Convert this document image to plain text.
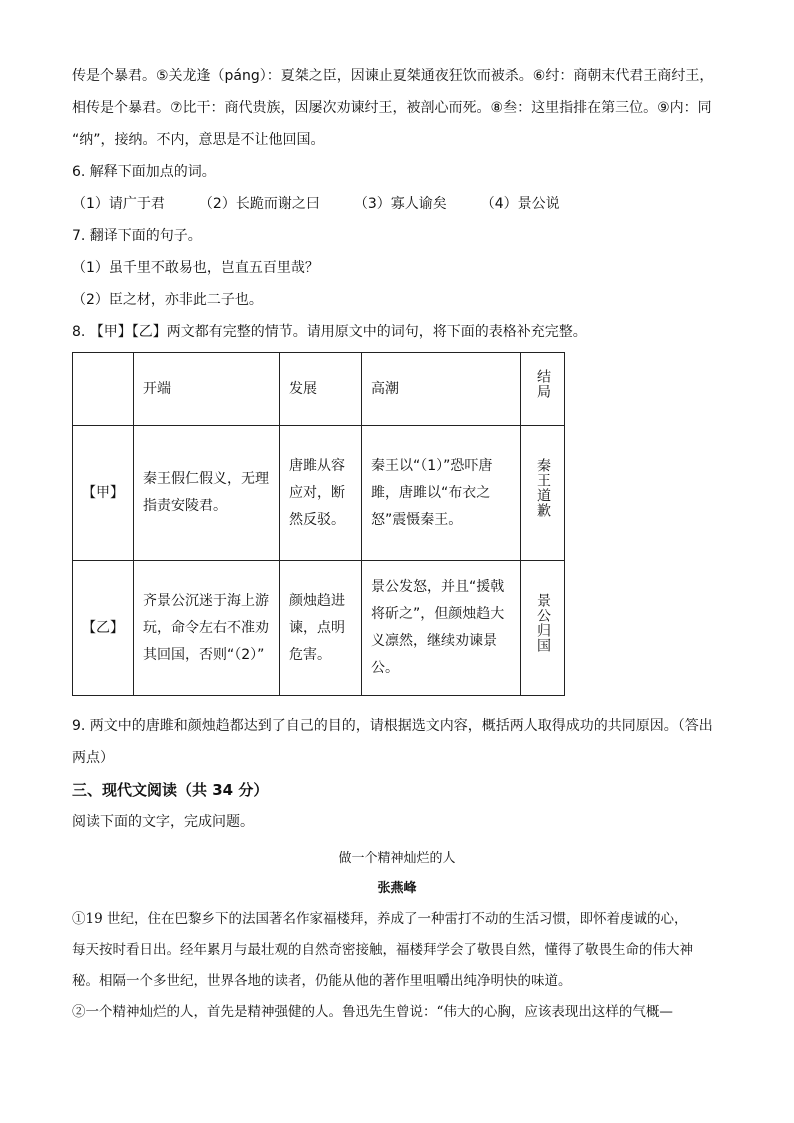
传是个暴君。⑤关龙逢（páng）：夏桀之臣，因谏止夏桀通夜狂饮而被杀。⑥纣：商朝末代君王商纣王，

相传是个暴君。⑦比干：商代贵族，因屡次劝谏纣王，被剖心而死。⑧叁：这里指排在第三位。⑨内：同

“纳”，接纳。不内，意思是不让他回国。

6. 解释下面加点的词。

（1）请广于君 （2）长跪而谢之曰 （3）寡人谕矣 （4）景公说

7. 翻译下面的句子。

（1）虽千里不敢易也，岂直五百里哉？

（2）臣之材，亦非此二子也。

8. 【甲】【乙】两文都有完整的情节。请用原文中的词句，将下面的表格补充完整。

	开端	发展	高潮	结局
【甲】	秦王假仁假义，无理指责安陵君。	唐雎从容应对，断然反驳。	秦王以“（1）”恐吓唐雎，唐雎以“布衣之怒”震慑秦王。	秦王道歉
【乙】	齐景公沉迷于海上游玩，命令左右不准劝其回国，否则“（2）”	颜烛趋进谏，点明危害。	景公发怒，并且“援戟将斫之”，但颜烛趋大义凛然，继续劝谏景公。	景公归国

9. 两文中的唐雎和颜烛趋都达到了自己的目的，请根据选文内容，概括两人取得成功的共同原因。（答出

两点）

三、现代文阅读（共 34 分）

阅读下面的文字，完成问题。

做一个精神灿烂的人

张燕峰

①19 世纪，住在巴黎乡下的法国著名作家福楼拜，养成了一种雷打不动的生活习惯，即怀着虔诚的心，

每天按时看日出。经年累月与最壮观的自然奇密接触，福楼拜学会了敬畏自然，懂得了敬畏生命的伟大神

秘。相隔一个多世纪，世界各地的读者，仍能从他的著作里咀嚼出纯净明快的味道。

②一个精神灿烂的人，首先是精神强健的人。鲁迅先生曾说：“伟大的心胸，应该表现出这样的气概—
